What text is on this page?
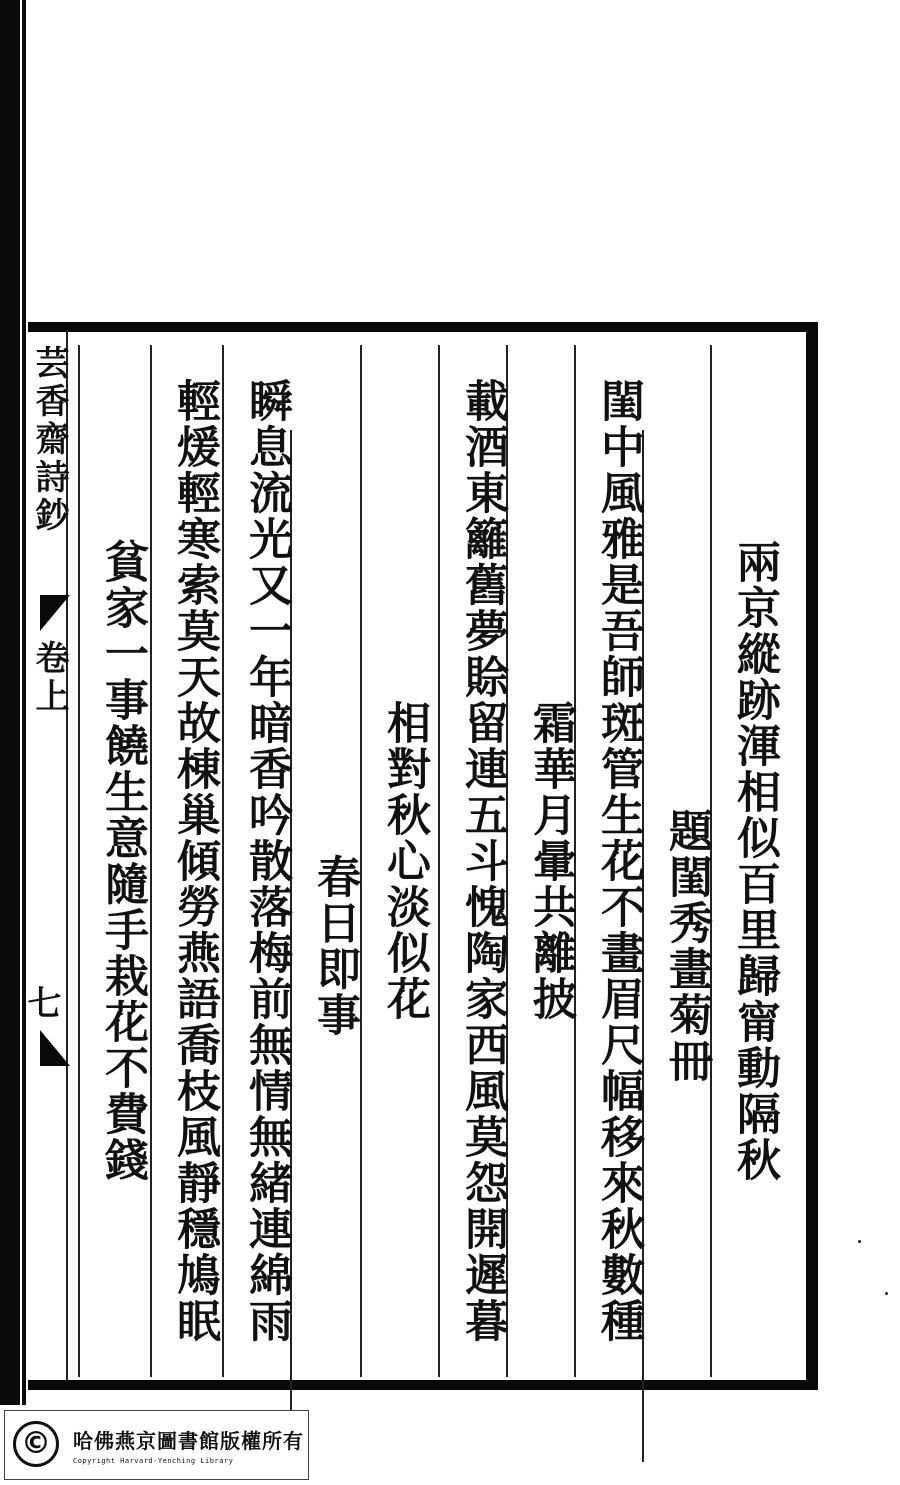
芸香齋詩鈔
卷上
七	兩京縱跡渾相似百里歸甯動隔秋
題閨秀畫菊冊
閨中風雅是吾師斑管生花不畫眉尺幅移來秋數種
霜華月暈共離披
載酒東籬舊夢賒留連五斗愧陶家西風莫怨開遲暮
相對秋心淡似花
春日即事
瞬息流光又一年暗香吟散落梅前無情無緒連綿雨
輕煖輕寒索莫天故棟巢傾勞燕語喬枝風靜穩鳩眠
貧家一事饒生意隨手栽花不費錢
©	哈佛燕京圖書館版權所有
Copyright Harvard-Yenching Library
